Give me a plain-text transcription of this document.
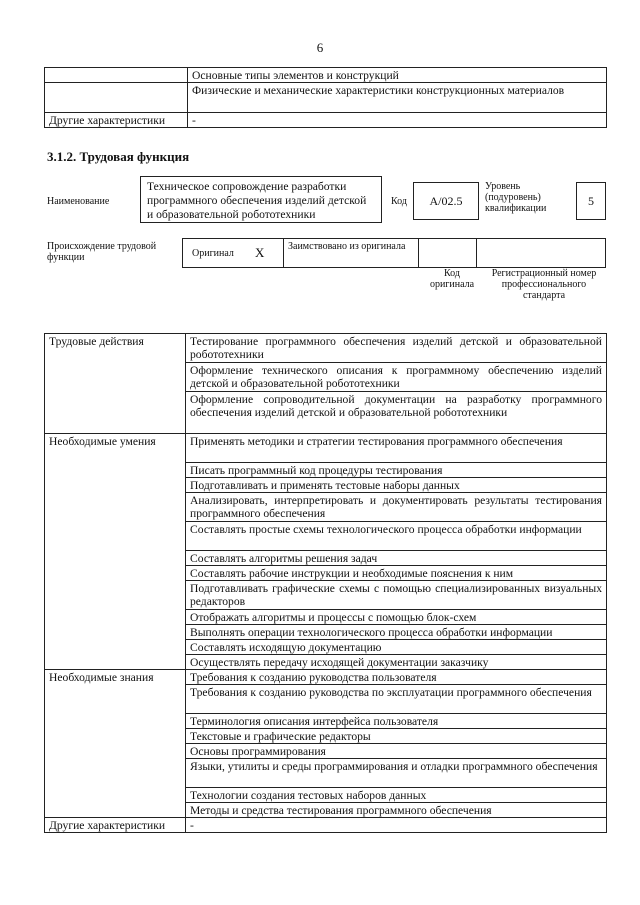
6
	Основные типы элементов и конструкций
	Физические и механические характеристики конструкционных материалов
Другие характеристики	-
3.1.2. Трудовая функция
Наименование
Техническое сопровождение разработки программного обеспечения изделий детской и образовательной робототехники
Код	A/02.5
Уровень (подуровень) квалификации
5
Происхождение трудовой функции	Оригинал X Заимствовано из оригинала
Код оригинала
Регистрационный номер профессионального стандарта
Трудовые действия	Тестирование программного обеспечения изделий детской и образовательной робототехники
	Оформление технического описания к программному обеспечению изделий детской и образовательной робототехники
	Оформление сопроводительной документации на разработку программного обеспечения изделий детской и образовательной робототехники
Необходимые умения	Применять методики и стратегии тестирования программного обеспечения
	Писать программный код процедуры тестирования
	Подготавливать и применять тестовые наборы данных
	Анализировать, интерпретировать и документировать результаты тестирования программного обеспечения
	Составлять простые схемы технологического процесса обработки информации
	Составлять алгоритмы решения задач
	Составлять рабочие инструкции и необходимые пояснения к ним
	Подготавливать графические схемы с помощью специализированных визуальных редакторов
	Отображать алгоритмы и процессы с помощью блок-схем
	Выполнять операции технологического процесса обработки информации
	Составлять исходящую документацию
	Осуществлять передачу исходящей документации заказчику
Необходимые знания	Требования к созданию руководства пользователя
	Требования к созданию руководства по эксплуатации программного обеспечения
	Терминология описания интерфейса пользователя
	Текстовые и графические редакторы
	Основы программирования
	Языки, утилиты и среды программирования и отладки программного обеспечения
	Технологии создания тестовых наборов данных
	Методы и средства тестирования программного обеспечения
Другие характеристики	-
